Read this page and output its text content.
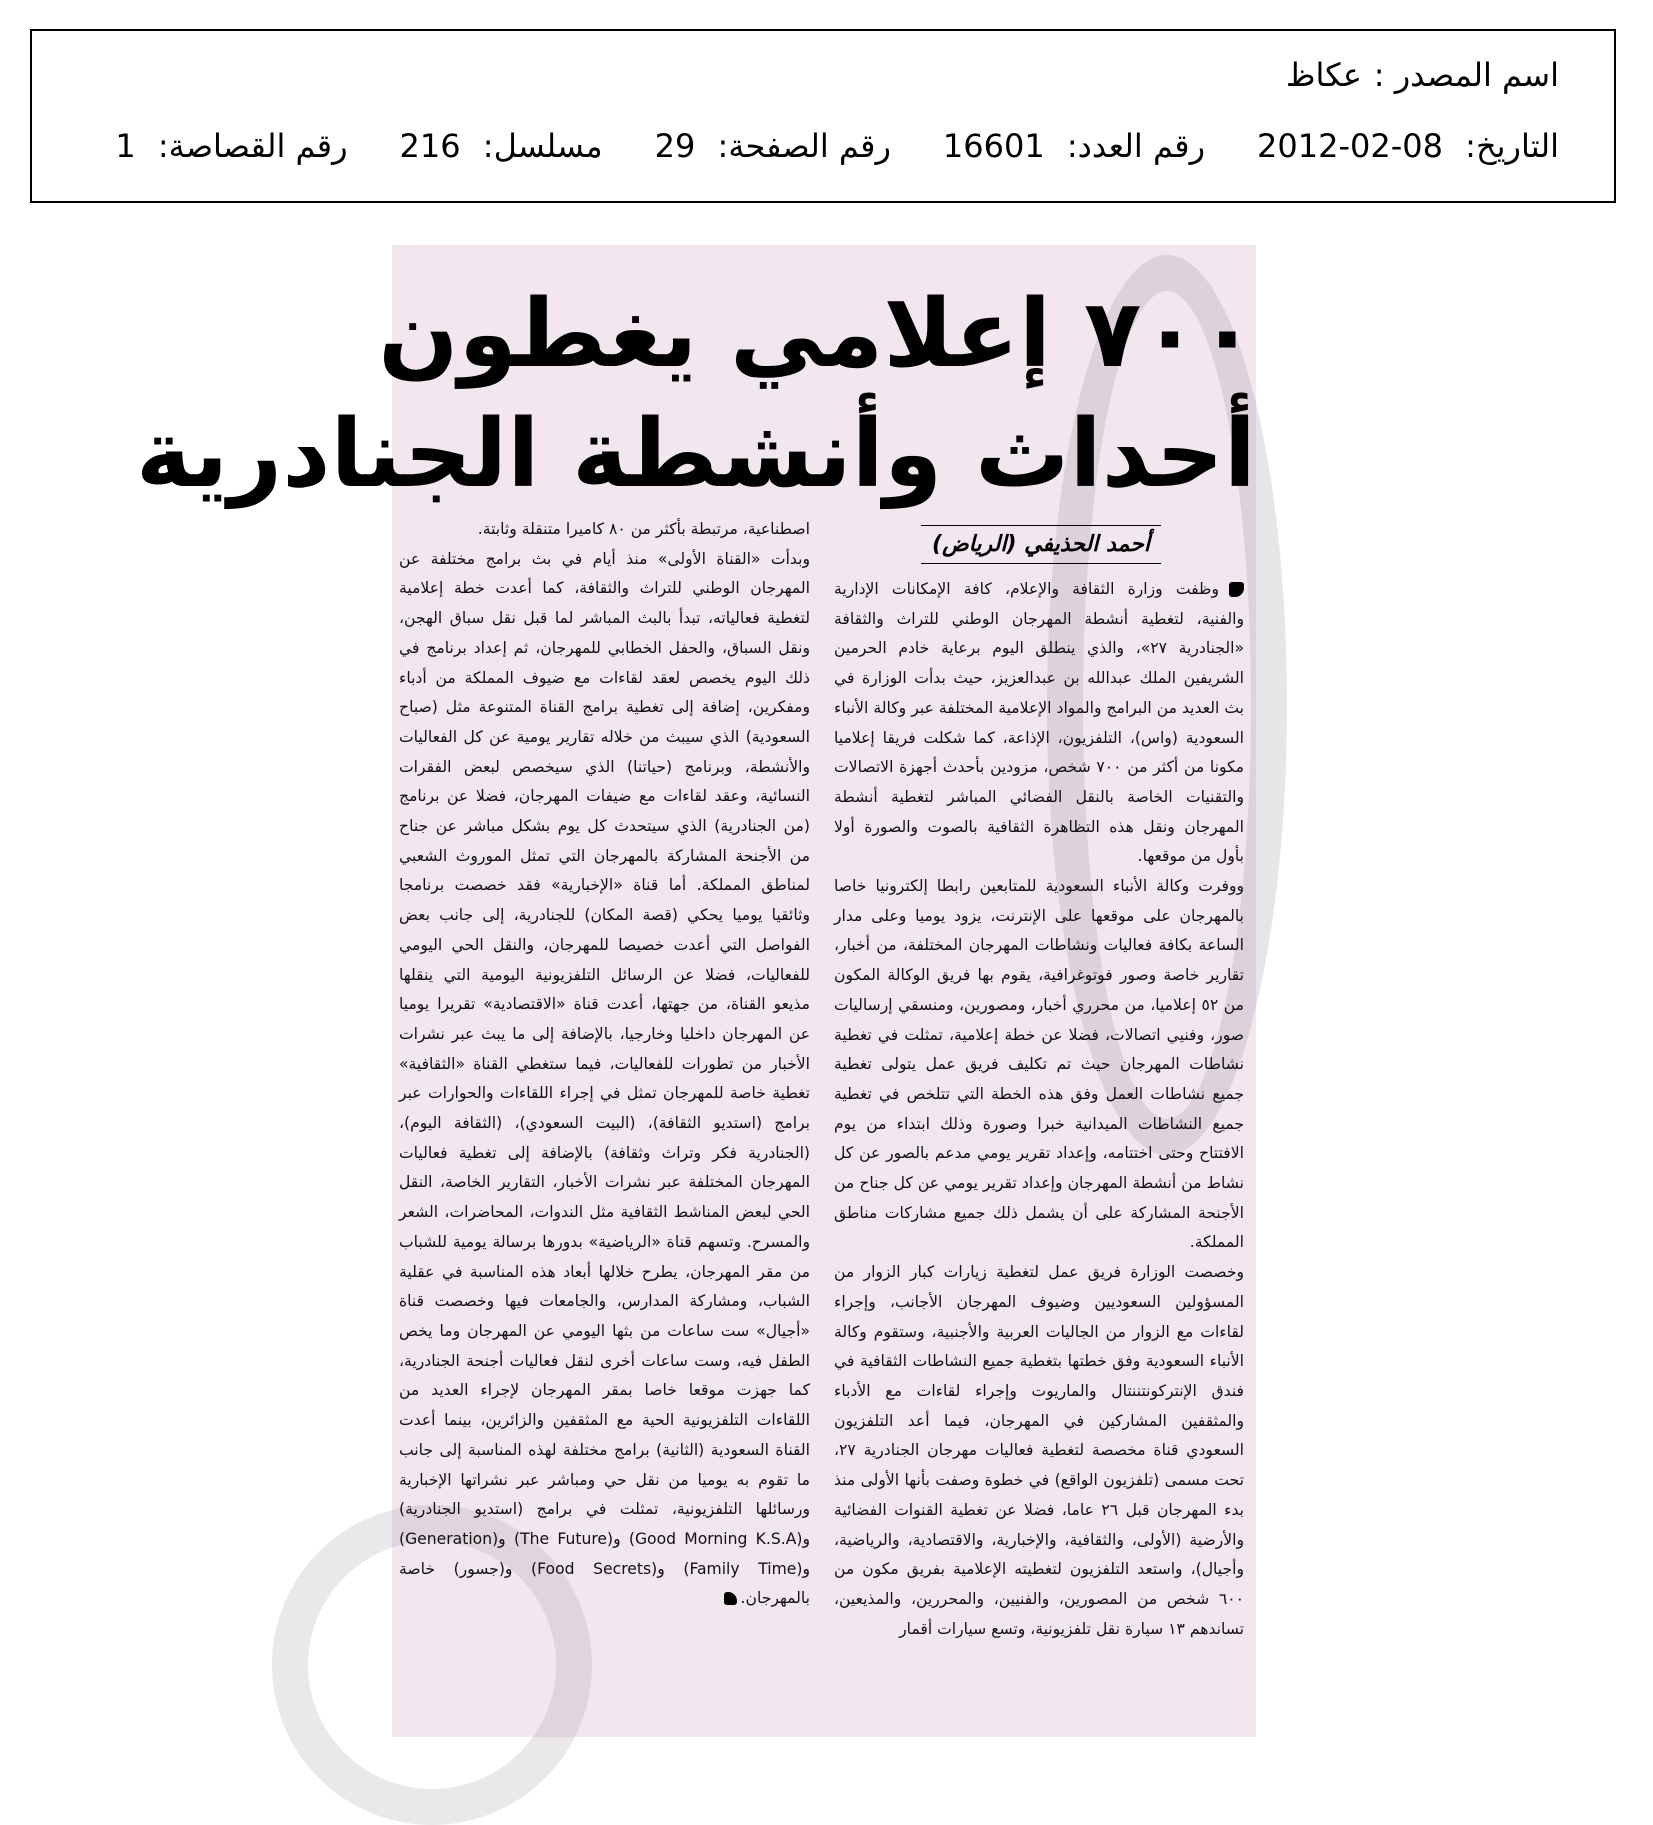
اسم المصدر :
عكاظ
التاريخ: 2012-02-08
رقم العدد: 16601
رقم الصفحة: 29
مسلسل: 216
رقم القصاصة: 1
٧٠٠ إعلامي يغطون
أحداث وأنشطة الجنادرية
أحمد الحذيفي (الرياض)

وظفت وزارة الثقافة والإعلام، كافة الإمكانات الإدارية والفنية، لتغطية أنشطة المهرجان الوطني للتراث والثقافة «الجنادرية ٢٧»، والذي ينطلق اليوم برعاية خادم الحرمين الشريفين الملك عبدالله بن عبدالعزيز، حيث بدأت الوزارة في بث العديد من البرامج والمواد الإعلامية المختلفة عبر وكالة الأنباء السعودية (واس)، التلفزيون، الإذاعة، كما شكلت فريقا إعلاميا مكونا من أكثر من ٧٠٠ شخص، مزودين بأحدث أجهزة الاتصالات والتقنيات الخاصة بالنقل الفضائي المباشر لتغطية أنشطة المهرجان ونقل هذه التظاهرة الثقافية بالصوت والصورة أولا بأول من موقعها.

ووفرت وكالة الأنباء السعودية للمتابعين رابطا إلكترونيا خاصا بالمهرجان على موقعها على الإنترنت، يزود يوميا وعلى مدار الساعة بكافة فعاليات ونشاطات المهرجان المختلفة، من أخبار، تقارير خاصة وصور فوتوغرافية، يقوم بها فريق الوكالة المكون من ٥٢ إعلاميا، من محرري أخبار، ومصورين، ومنسقي إرساليات صور، وفنيي اتصالات، فضلا عن خطة إعلامية، تمثلت في تغطية نشاطات المهرجان حيث تم تكليف فريق عمل يتولى تغطية جميع نشاطات العمل وفق هذه الخطة التي تتلخص في تغطية جميع النشاطات الميدانية خبرا وصورة وذلك ابتداء من يوم الافتتاح وحتى اختتامه، وإعداد تقرير يومي مدعم بالصور عن كل نشاط من أنشطة المهرجان وإعداد تقرير يومي عن كل جناح من الأجنحة المشاركة على أن يشمل ذلك جميع مشاركات مناطق المملكة.

وخصصت الوزارة فريق عمل لتغطية زيارات كبار الزوار من المسؤولين السعوديين وضيوف المهرجان الأجانب، وإجراء لقاءات مع الزوار من الجاليات العربية والأجنبية، وستقوم وكالة الأنباء السعودية وفق خطتها بتغطية جميع النشاطات الثقافية في فندق الإنتركونتننتال والماريوت وإجراء لقاءات مع الأدباء والمثقفين المشاركين في المهرجان، فيما أعد التلفزيون السعودي قناة مخصصة لتغطية فعاليات مهرجان الجنادرية ٢٧، تحت مسمى (تلفزيون الواقع) في خطوة وصفت بأنها الأولى منذ بدء المهرجان قبل ٢٦ عاما، فضلا عن تغطية القنوات الفضائية والأرضية (الأولى، والثقافية، والإخبارية، والاقتصادية، والرياضية، وأجيال)، واستعد التلفزيون لتغطيته الإعلامية بفريق مكون من ٦٠٠ شخص من المصورين، والفنيين، والمحررين، والمذيعين، تساندهم ١٣ سيارة نقل تلفزيونية، وتسع سيارات أقمار

اصطناعية، مرتبطة بأكثر من ٨٠ كاميرا متنقلة وثابتة.

وبدأت «القناة الأولى» منذ أيام في بث برامج مختلفة عن المهرجان الوطني للتراث والثقافة، كما أعدت خطة إعلامية لتغطية فعالياته، تبدأ بالبث المباشر لما قبل نقل سباق الهجن، ونقل السباق، والحفل الخطابي للمهرجان، ثم إعداد برنامج في ذلك اليوم يخصص لعقد لقاءات مع ضيوف المملكة من أدباء ومفكرين، إضافة إلى تغطية برامج القناة المتنوعة مثل (صباح السعودية) الذي سيبث من خلاله تقارير يومية عن كل الفعاليات والأنشطة، وبرنامج (حياتنا) الذي سيخصص لبعض الفقرات النسائية، وعقد لقاءات مع ضيفات المهرجان، فضلا عن برنامج (من الجنادرية) الذي سيتحدث كل يوم بشكل مباشر عن جناح من الأجنحة المشاركة بالمهرجان التي تمثل الموروث الشعبي لمناطق المملكة. أما قناة «الإخبارية» فقد خصصت برنامجا وثائقيا يوميا يحكي (قصة المكان) للجنادرية، إلى جانب بعض الفواصل التي أعدت خصيصا للمهرجان، والنقل الحي اليومي للفعاليات، فضلا عن الرسائل التلفزيونية اليومية التي ينقلها مذيعو القناة، من جهتها، أعدت قناة «الاقتصادية» تقريرا يوميا عن المهرجان داخليا وخارجيا، بالإضافة إلى ما يبث عبر نشرات الأخبار من تطورات للفعاليات، فيما ستغطي القناة «الثقافية» تغطية خاصة للمهرجان تمثل في إجراء اللقاءات والحوارات عبر برامج (استديو الثقافة)، (البيت السعودي)، (الثقافة اليوم)، (الجنادرية فكر وتراث وثقافة) بالإضافة إلى تغطية فعاليات المهرجان المختلفة عبر نشرات الأخبار، التقارير الخاصة، النقل الحي لبعض المناشط الثقافية مثل الندوات، المحاضرات، الشعر والمسرح. وتسهم قناة «الرياضية» بدورها برسالة يومية للشباب من مقر المهرجان، يطرح خلالها أبعاد هذه المناسبة في عقلية الشباب، ومشاركة المدارس، والجامعات فيها وخصصت قناة «أجيال» ست ساعات من بثها اليومي عن المهرجان وما يخص الطفل فيه، وست ساعات أخرى لنقل فعاليات أجنحة الجنادرية، كما جهزت موقعا خاصا بمقر المهرجان لإجراء العديد من اللقاءات التلفزيونية الحية مع المثقفين والزائرين، بينما أعدت القناة السعودية (الثانية) برامج مختلفة لهذه المناسبة إلى جانب ما تقوم به يوميا من نقل حي ومباشر عبر نشراتها الإخبارية ورسائلها التلفزيونية، تمثلت في برامج (استديو الجنادرية) و(Good Morning K.S.A) و(The Future) و(Generation) و(Family Time) و(Food Secrets) و(جسور) خاصة بالمهرجان.
